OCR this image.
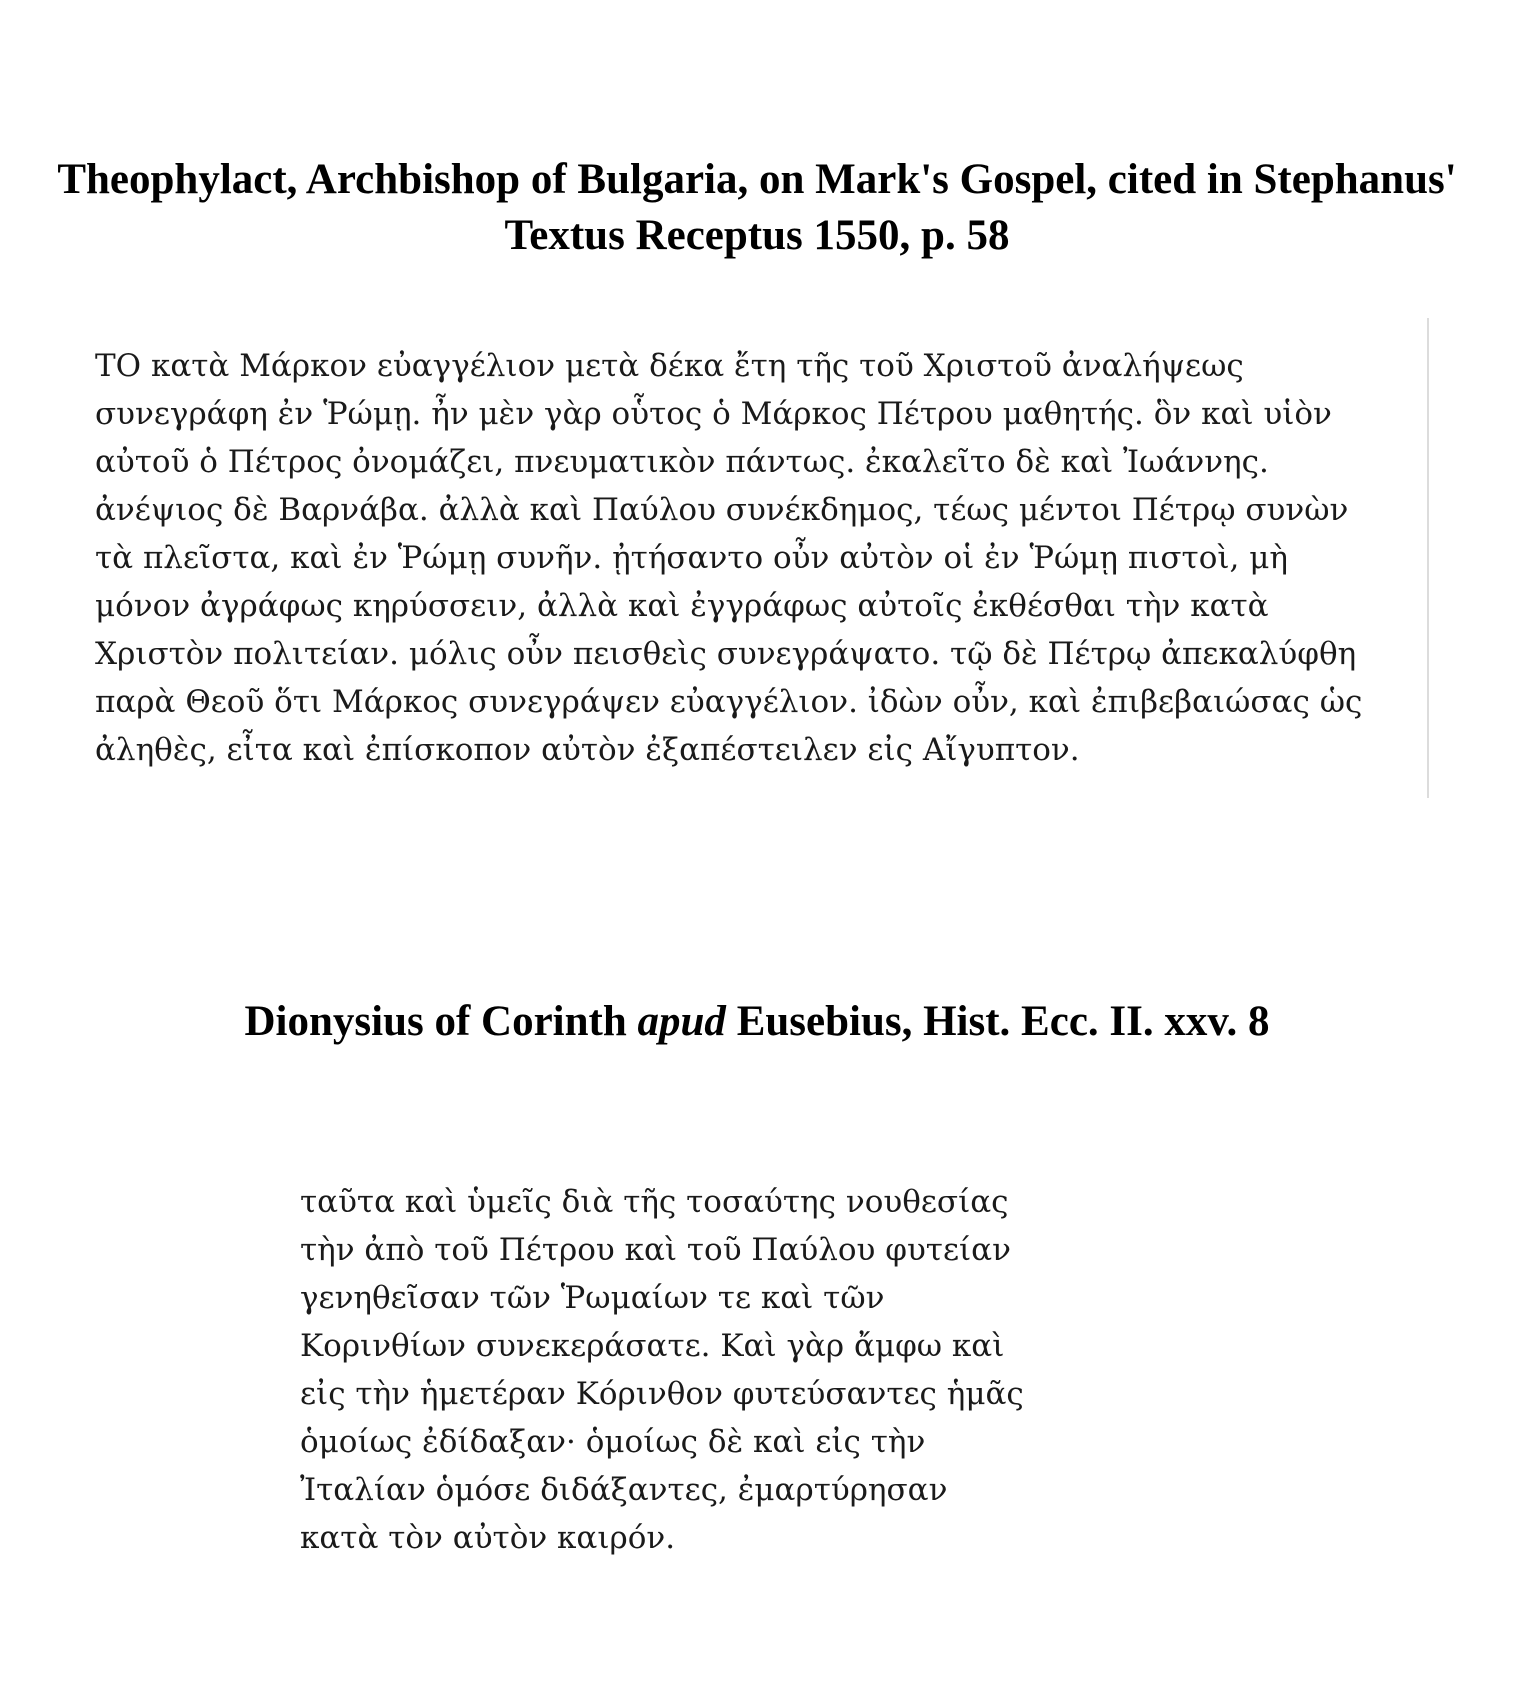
Theophylact, Archbishop of Bulgaria, on Mark's Gospel, cited in Stephanus' Textus Receptus 1550, p. 58
ΤΟ κατὰ Μάρκον εὐαγγέλιον μετὰ δέκα ἔτη τῆς τοῦ Χριστοῦ ἀναλήψεως
συνεγράφη ἐν Ῥώμῃ. ἦν μὲν γὰρ οὗτος ὁ Μάρκος Πέτρου μαθητής. ὃν καὶ υἱὸν
αὐτοῦ ὁ Πέτρος ὀνομάζει, πνευματικὸν πάντως. ἐκαλεῖτο δὲ καὶ Ἰωάννης.
ἀνέψιος δὲ Βαρνάβα. ἀλλὰ καὶ Παύλου συνέκδημος, τέως μέντοι Πέτρῳ συνὼν
τὰ πλεῖστα, καὶ ἐν Ῥώμῃ συνῆν. ᾐτήσαντο οὖν αὐτὸν οἱ ἐν Ῥώμῃ πιστοὶ, μὴ
μόνον ἀγράφως κηρύσσειν, ἀλλὰ καὶ ἐγγράφως αὐτοῖς ἐκθέσθαι τὴν κατὰ
Χριστὸν πολιτείαν. μόλις οὖν πεισθεὶς συνεγράψατο. τῷ δὲ Πέτρῳ ἀπεκαλύφθη
παρὰ Θεοῦ ὅτι Μάρκος συνεγράψεν εὐαγγέλιον. ἰδὼν οὖν, καὶ ἐπιβεβαιώσας ὡς
ἀληθὲς, εἶτα καὶ ἐπίσκοπον αὐτὸν ἐξαπέστειλεν εἰς Αἴγυπτον.
Dionysius of Corinth apud Eusebius, Hist. Ecc. II. xxv. 8
ταῦτα καὶ ὑμεῖς διὰ τῆς τοσαύτης νουθεσίας
τὴν ἀπὸ τοῦ Πέτρου καὶ τοῦ Παύλου φυτείαν
γενηθεῖσαν τῶν Ῥωμαίων τε καὶ τῶν
Κορινθίων συνεκεράσατε. Καὶ γὰρ ἄμφω καὶ
εἰς τὴν ἡμετέραν Κόρινθον φυτεύσαντες ἡμᾶς
ὁμοίως ἐδίδαξαν· ὁμοίως δὲ καὶ εἰς τὴν
Ἰταλίαν ὁμόσε διδάξαντες, ἐμαρτύρησαν
κατὰ τὸν αὐτὸν καιρόν.
